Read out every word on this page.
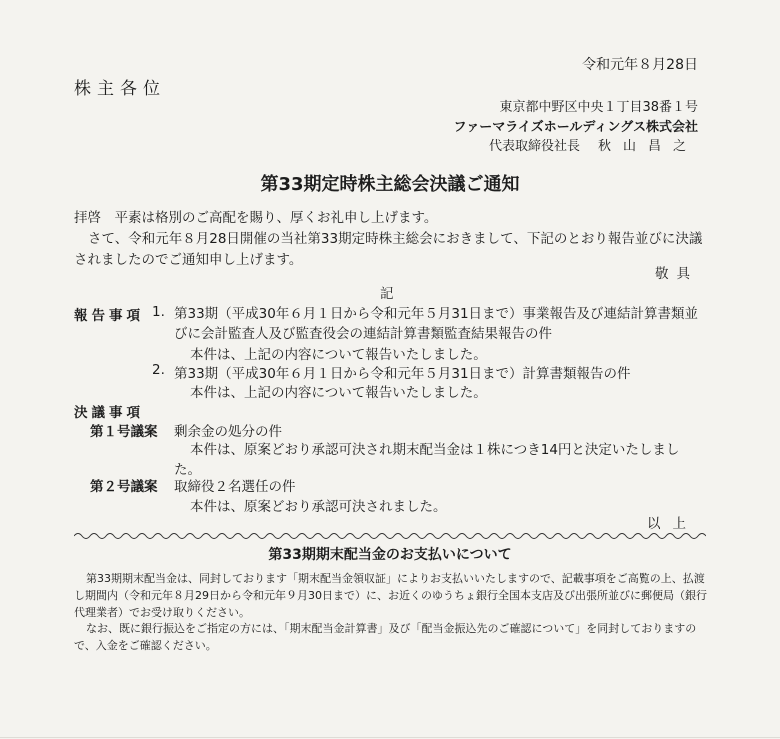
令和元年８月28日
株主各位
東京都中野区中央１丁目38番１号
ファーマライズホールディングス株式会社
代表取締役社長 秋山昌之
第33期定時株主総会決議ご通知
拝啓　平素は格別のご高配を賜り、厚くお礼申し上げます。
さて、令和元年８月28日開催の当社第33期定時株主総会におきまして、下記のとおり報告並びに決議されましたのでご通知申し上げます。
敬具
記
報告事項 1. 第33期（平成30年６月１日から令和元年５月31日まで）事業報告及び連結計算書類並びに会計監査人及び監査役会の連結計算書類監査結果報告の件
本件は、上記の内容について報告いたしました。
2. 第33期（平成30年６月１日から令和元年５月31日まで）計算書類報告の件
本件は、上記の内容について報告いたしました。
決議事項
第１号議案 剰余金の処分の件
本件は、原案どおり承認可決され期末配当金は１株につき14円と決定いたしました。
第２号議案 取締役２名選任の件
本件は、原案どおり承認可決されました。
以上
第33期期末配当金のお支払いについて
第33期期末配当金は、同封しております「期末配当金領収証」によりお支払いいたしますので、記載事項をご高覧の上、払渡し期間内（令和元年８月29日から令和元年９月30日まで）に、お近くのゆうちょ銀行全国本支店及び出張所並びに郵便局（銀行代理業者）でお受け取りください。
なお、既に銀行振込をご指定の方には、「期末配当金計算書」及び「配当金振込先のご確認について」を同封しておりますので、入金をご確認ください。
